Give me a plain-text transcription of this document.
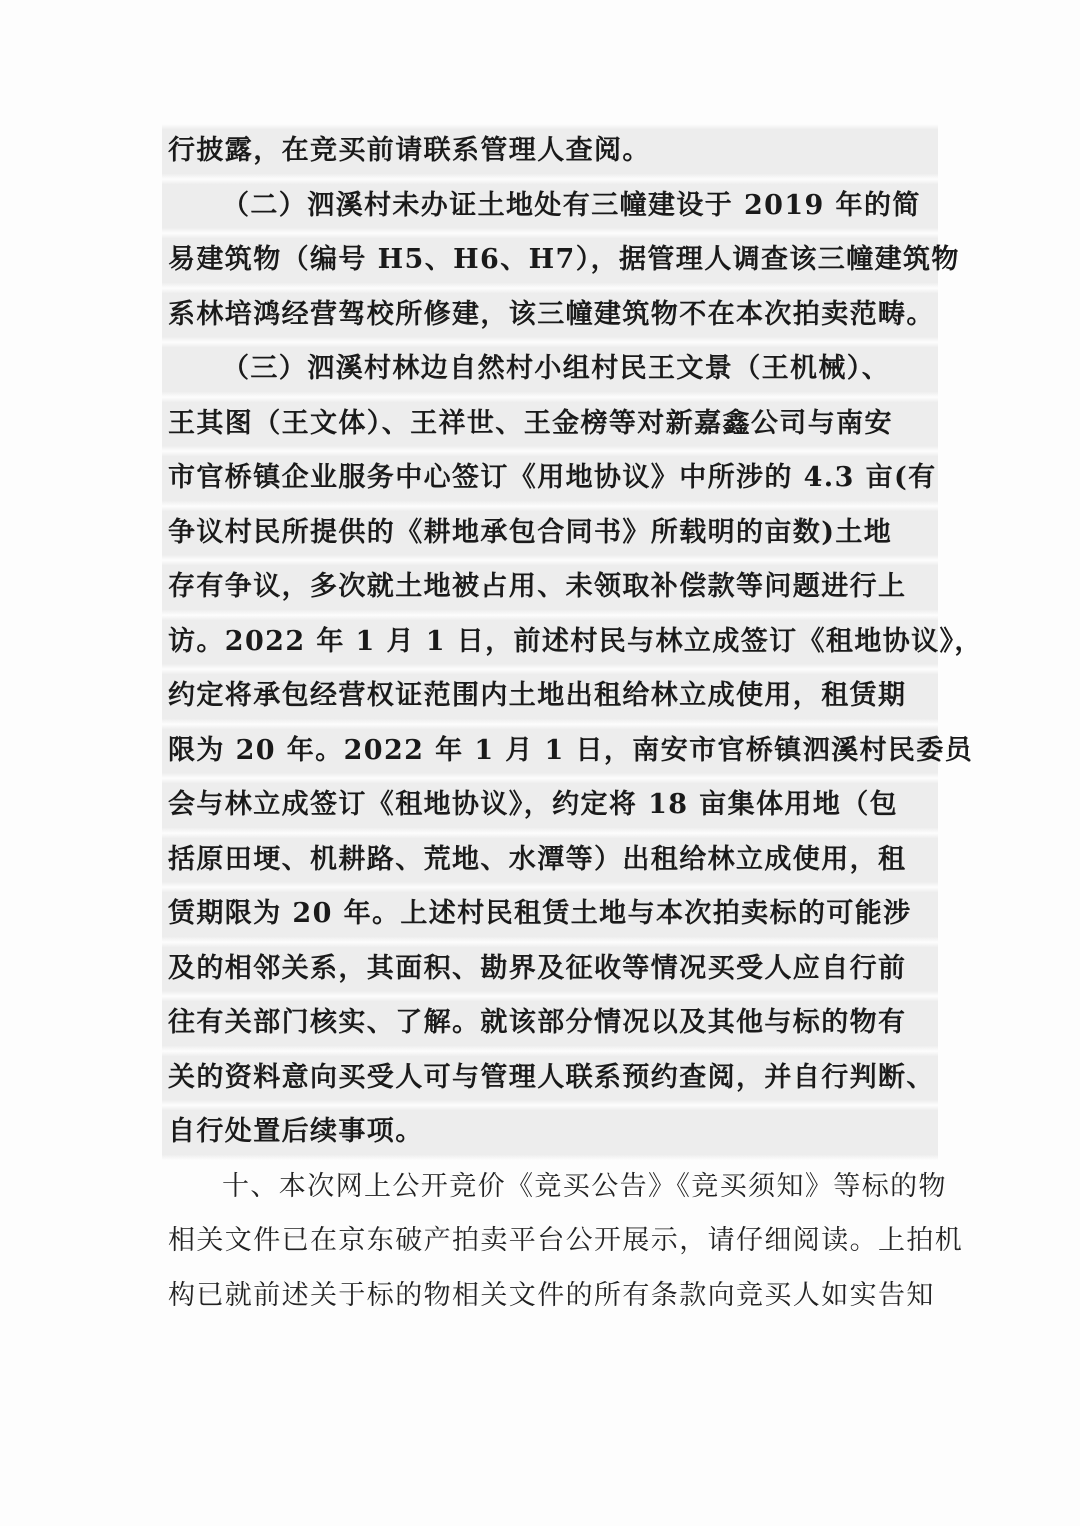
行披露，在竞买前请联系管理人查阅。
（二）泗溪村未办证土地处有三幢建设于 2019 年的简
易建筑物（编号 H5、H6、H7），据管理人调查该三幢建筑物
系林培鸿经营驾校所修建，该三幢建筑物不在本次拍卖范畴。
（三）泗溪村林边自然村小组村民王文景（王机械）、
王其图（王文体）、王祥世、王金榜等对新嘉鑫公司与南安
市官桥镇企业服务中心签订《用地协议》中所涉的 4.3 亩(有
争议村民所提供的《耕地承包合同书》所载明的亩数)土地
存有争议，多次就土地被占用、未领取补偿款等问题进行上
访。2022 年 1 月 1 日，前述村民与林立成签订《租地协议》，
约定将承包经营权证范围内土地出租给林立成使用，租赁期
限为 20 年。2022 年 1 月 1 日，南安市官桥镇泗溪村民委员
会与林立成签订《租地协议》，约定将 18 亩集体用地（包
括原田埂、机耕路、荒地、水潭等）出租给林立成使用，租
赁期限为 20 年。上述村民租赁土地与本次拍卖标的可能涉
及的相邻关系，其面积、勘界及征收等情况买受人应自行前
往有关部门核实、了解。就该部分情况以及其他与标的物有
关的资料意向买受人可与管理人联系预约查阅，并自行判断、
自行处置后续事项。
十、本次网上公开竞价《竞买公告》《竞买须知》等标的物
相关文件已在京东破产拍卖平台公开展示，请仔细阅读。上拍机
构已就前述关于标的物相关文件的所有条款向竞买人如实告知
